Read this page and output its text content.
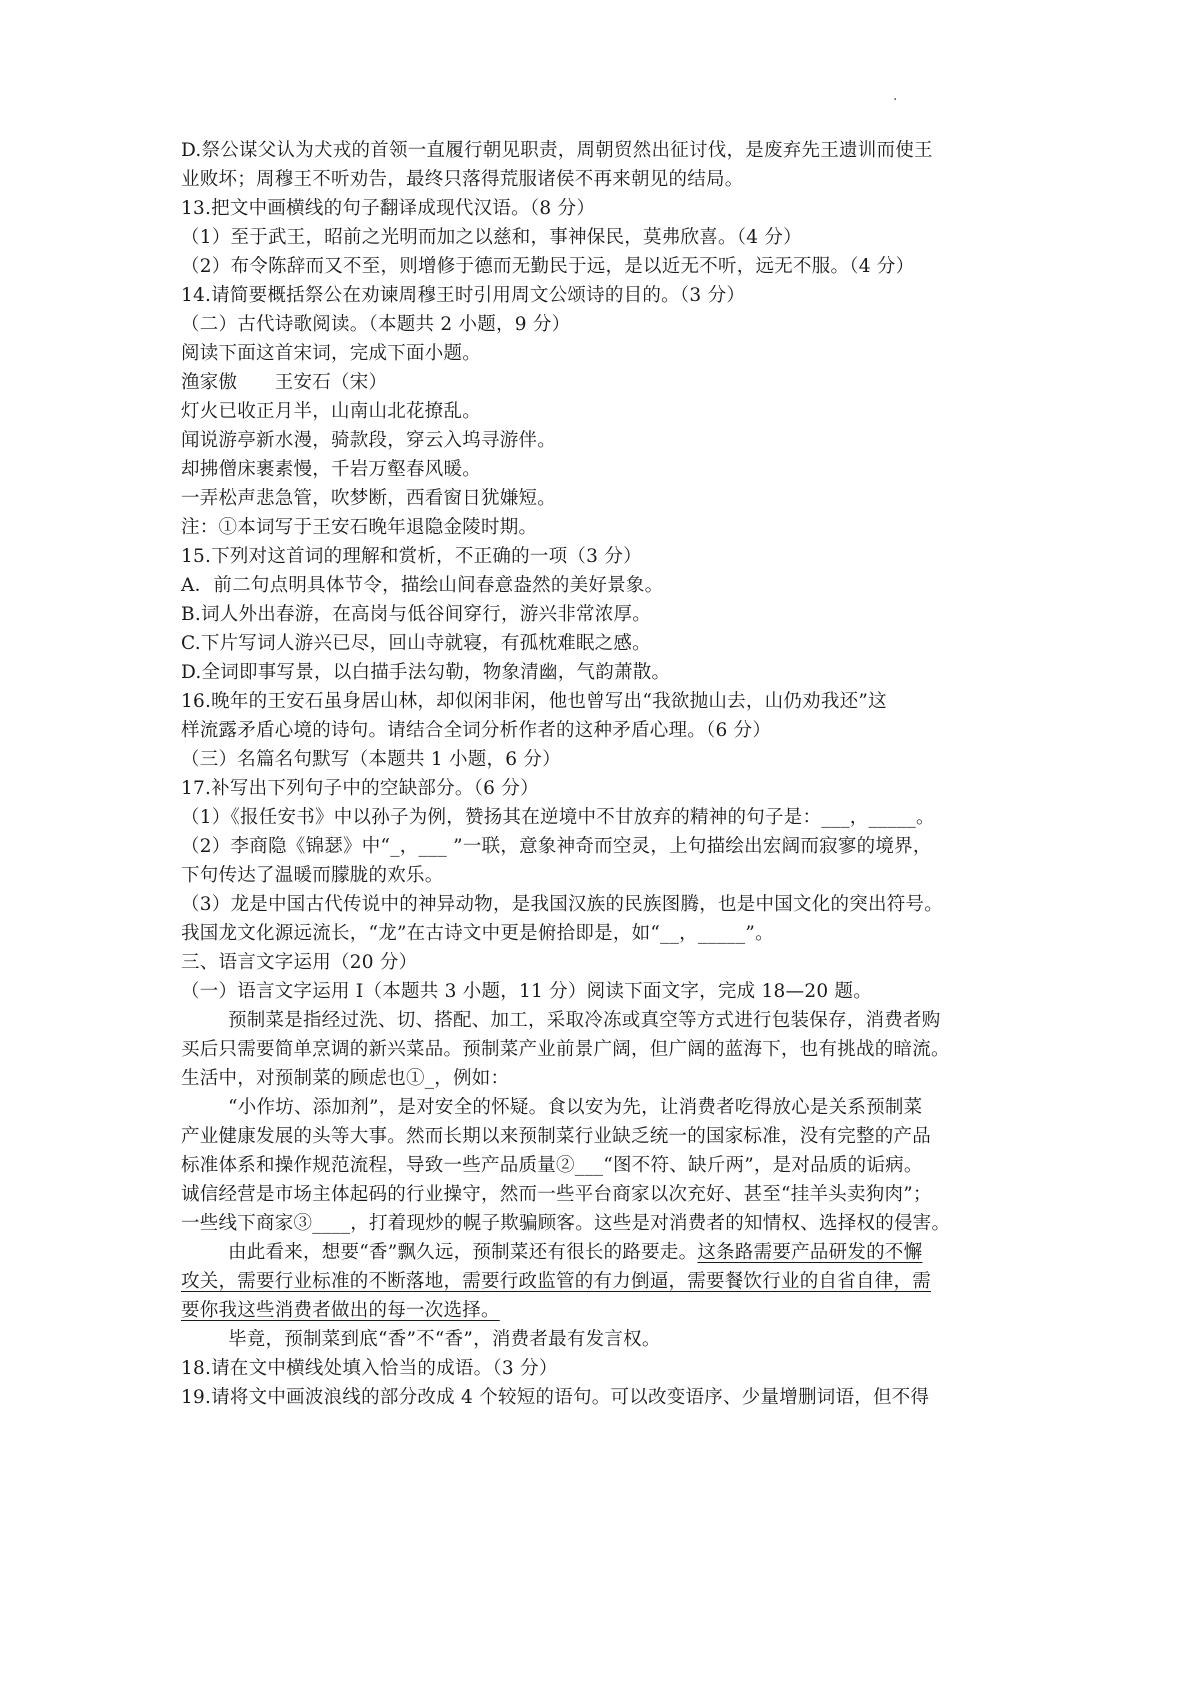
·
D.祭公谋父认为犬戎的首领一直履行朝见职责，周朝贸然出征讨伐，是废弃先王遗训而使王
业败坏；周穆王不听劝告，最终只落得荒服诸侯不再来朝见的结局。
13.把文中画横线的句子翻译成现代汉语。（8 分）
（1）至于武王，昭前之光明而加之以慈和，事神保民，莫弗欣喜。（4 分）
（2）布令陈辞而又不至，则增修于德而无勤民于远，是以近无不听，远无不服。（4 分）
14.请简要概括祭公在劝谏周穆王时引用周文公颂诗的目的。（3 分）
（二）古代诗歌阅读。（本题共 2 小题，9 分）
阅读下面这首宋词，完成下面小题。
渔家傲　　王安石（宋）
灯火已收正月半，山南山北花撩乱。
闻说游亭新水漫，骑款段，穿云入坞寻游伴。
却拂僧床裹素慢，千岩万壑春风暖。
一弄松声悲急管，吹梦断，西看窗日犹嫌短。
注：①本词写于王安石晚年退隐金陵时期。
15.下列对这首词的理解和赏析，不正确的一项（3 分）
A．前二句点明具体节令，描绘山间春意盎然的美好景象。
B.词人外出春游，在高岗与低谷间穿行，游兴非常浓厚。
C.下片写词人游兴已尽，回山寺就寝，有孤枕难眠之感。
D.全词即事写景，以白描手法勾勒，物象清幽，气韵萧散。
16.晚年的王安石虽身居山林，却似闲非闲，他也曾写出“我欲抛山去，山仍劝我还”这
样流露矛盾心境的诗句。请结合全词分析作者的这种矛盾心理。（6 分）
（三）名篇名句默写（本题共 1 小题，6 分）
17.补写出下列句子中的空缺部分。（6 分）
（1）《报任安书》中以孙子为例，赞扬其在逆境中不甘放弃的精神的句子是：___，_____。
（2）李商隐《锦瑟》中“_，___ ”一联，意象神奇而空灵，上句描绘出宏阔而寂寥的境界，
下句传达了温暖而朦胧的欢乐。
（3）龙是中国古代传说中的神异动物，是我国汉族的民族图腾，也是中国文化的突出符号。
我国龙文化源远流长，“龙”在古诗文中更是俯拾即是，如“__，_____”。
三、语言文字运用（20 分）
（一）语言文字运用 I（本题共 3 小题，11 分）阅读下面文字，完成 18—20 题。
预制菜是指经过洗、切、搭配、加工，采取冷冻或真空等方式进行包装保存，消费者购
买后只需要简单烹调的新兴菜品。预制菜产业前景广阔，但广阔的蓝海下，也有挑战的暗流。
生活中，对预制菜的顾虑也①_，例如：
“小作坊、添加剂”，是对安全的怀疑。食以安为先，让消费者吃得放心是关系预制菜
产业健康发展的头等大事。然而长期以来预制菜行业缺乏统一的国家标准，没有完整的产品
标准体系和操作规范流程，导致一些产品质量②___“图不符、缺斤两”，是对品质的诟病。
诚信经营是市场主体起码的行业操守，然而一些平台商家以次充好、甚至“挂羊头卖狗肉”；
一些线下商家③____，打着现炒的幌子欺骗顾客。这些是对消费者的知情权、选择权的侵害。
由此看来，想要“香”飘久远，预制菜还有很长的路要走。这条路需要产品研发的不懈
攻关，需要行业标准的不断落地，需要行政监管的有力倒逼，需要餐饮行业的自省自律，需
要你我这些消费者做出的每一次选择。
毕竟，预制菜到底“香”不“香”，消费者最有发言权。
18.请在文中横线处填入恰当的成语。（3 分）
19.请将文中画波浪线的部分改成 4 个较短的语句。可以改变语序、少量增删词语，但不得
